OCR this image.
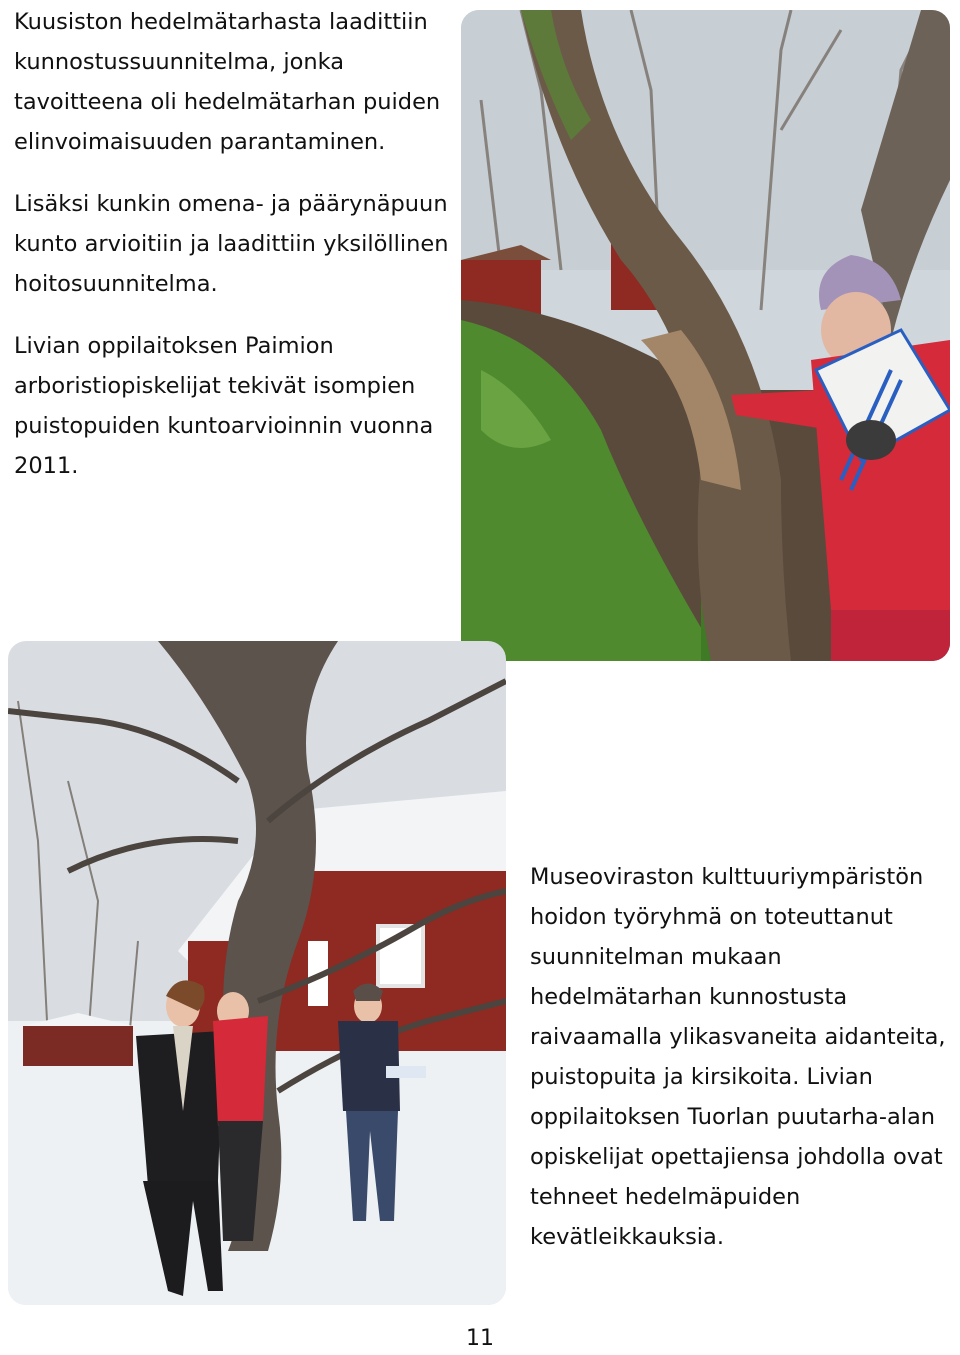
Kuusiston hedelmätarhasta laadittiin kunnostussuunnitelma, jonka tavoitteena oli hedelmätarhan puiden elinvoimaisuuden parantaminen.

Lisäksi kunkin omena- ja päärynäpuun kunto arvioitiin ja laadittiin yksilöllinen hoitosuunnitelma.

Livian oppilaitoksen Paimion arboristiopiskelijat tekivät isompien puistopuiden kuntoarvioinnin vuonna 2011.

Museoviraston kulttuuriympäristön hoidon työryhmä on toteuttanut suunnitelman mukaan hedelmätarhan kunnostusta raivaamalla ylikasvaneita aidanteita, puistopuita ja kirsikoita. Livian oppilaitoksen Tuorlan puutarha-alan opiskelijat opettajiensa johdolla ovat tehneet hedelmäpuiden kevätleikkauksia.

11
